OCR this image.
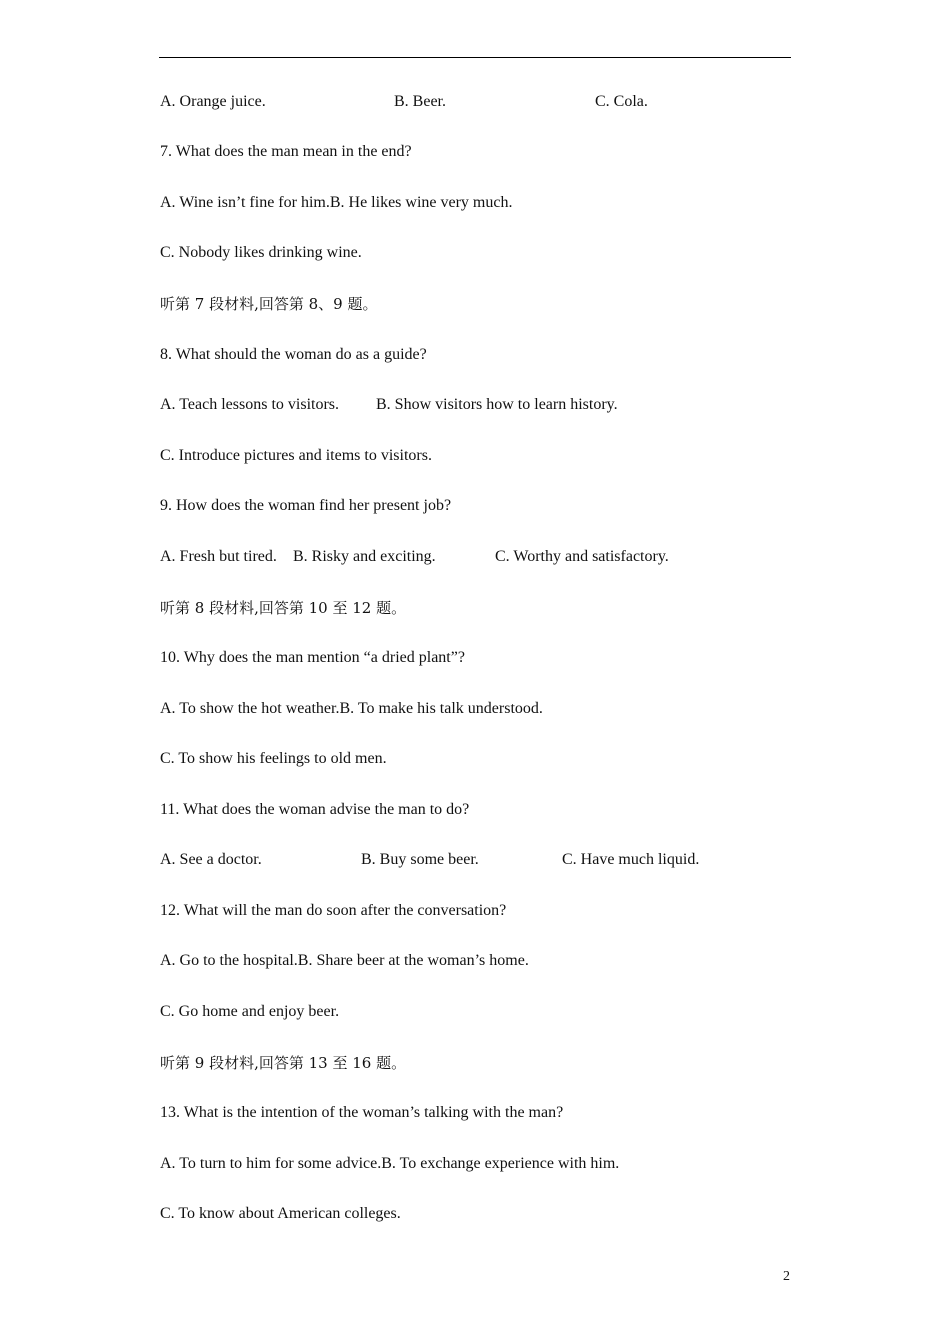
A. Orange juice.	B. Beer.	C. Cola.
7. What does the man mean in the end?
A. Wine isn’t fine for him.B. He likes wine very much.
C. Nobody likes drinking wine.
听第 7 段材料,回答第 8、9 题。
8. What should the woman do as a guide?
A. Teach lessons to visitors. B. Show visitors how to learn history.
C. Introduce pictures and items to visitors.
9. How does the woman find her present job?
A. Fresh but tired. B. Risky and exciting.	C. Worthy and satisfactory.
听第 8 段材料,回答第 10 至 12 题。
10. Why does the man mention “a dried plant”?
A. To show the hot weather.B. To make his talk understood.
C. To show his feelings to old men.
11. What does the woman advise the man to do?
A. See a doctor.	B. Buy some beer.	C. Have much liquid.
12. What will the man do soon after the conversation?
A. Go to the hospital.B. Share beer at the woman’s home.
C. Go home and enjoy beer.
听第 9 段材料,回答第 13 至 16 题。
13. What is the intention of the woman’s talking with the man?
A. To turn to him for some advice.B. To exchange experience with him.
C. To know about American colleges.
2
